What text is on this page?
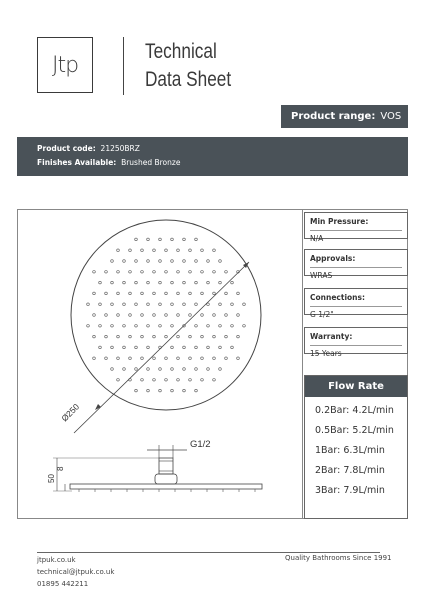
Jtp
Technical
Data Sheet
Product range: VOS
Product code: 21250BRZ
Finishes Available: Brushed Bronze
Ø250
G1/2
50
8
Min Pressure:
N/A
Approvals:
WRAS
Connections:
G 1/2"
Warranty:
15 Years
Flow Rate
0.2Bar: 4.2L/min
0.5Bar: 5.2L/min
1Bar: 6.3L/min
2Bar: 7.8L/min
3Bar: 7.9L/min
jtpuk.co.uk
technical@jtpuk.co.uk
01895 442211
Quality Bathrooms Since 1991
